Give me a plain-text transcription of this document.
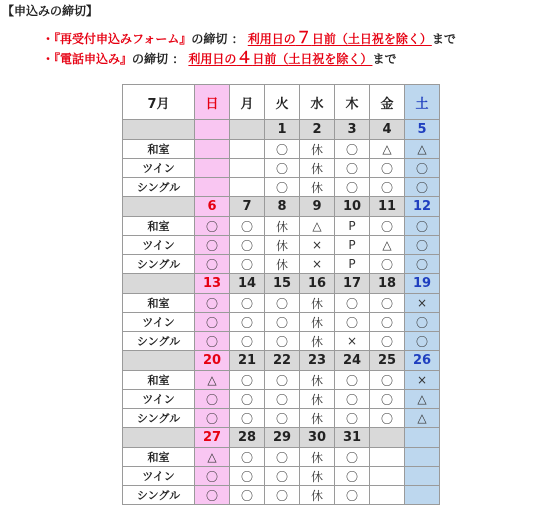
【申込みの締切】
・『再受付申込みフォーム』の締切 ： 利用日の７日前（土日祝を除く）まで
・『電話申込み』の締切 ： 利用日の４日前（土日祝を除く）まで
7月	日	月	火	水	木	金	土
			1	2	3	4	5
和室			〇	休	〇	△	△
ツイン			〇	休	〇	〇	〇
シングル			〇	休	〇	〇	〇
	6	7	8	9	10	11	12
和室	〇	〇	休	△	P	〇	〇
ツイン	〇	〇	休	×	P	△	〇
シングル	〇	〇	休	×	P	〇	〇
	13	14	15	16	17	18	19
和室	〇	〇	〇	休	〇	〇	×
ツイン	〇	〇	〇	休	〇	〇	〇
シングル	〇	〇	〇	休	×	〇	〇
	20	21	22	23	24	25	26
和室	△	〇	〇	休	〇	〇	×
ツイン	〇	〇	〇	休	〇	〇	△
シングル	〇	〇	〇	休	〇	〇	△
	27	28	29	30	31		
和室	△	〇	〇	休	〇		
ツイン	〇	〇	〇	休	〇		
シングル	〇	〇	〇	休	〇		
